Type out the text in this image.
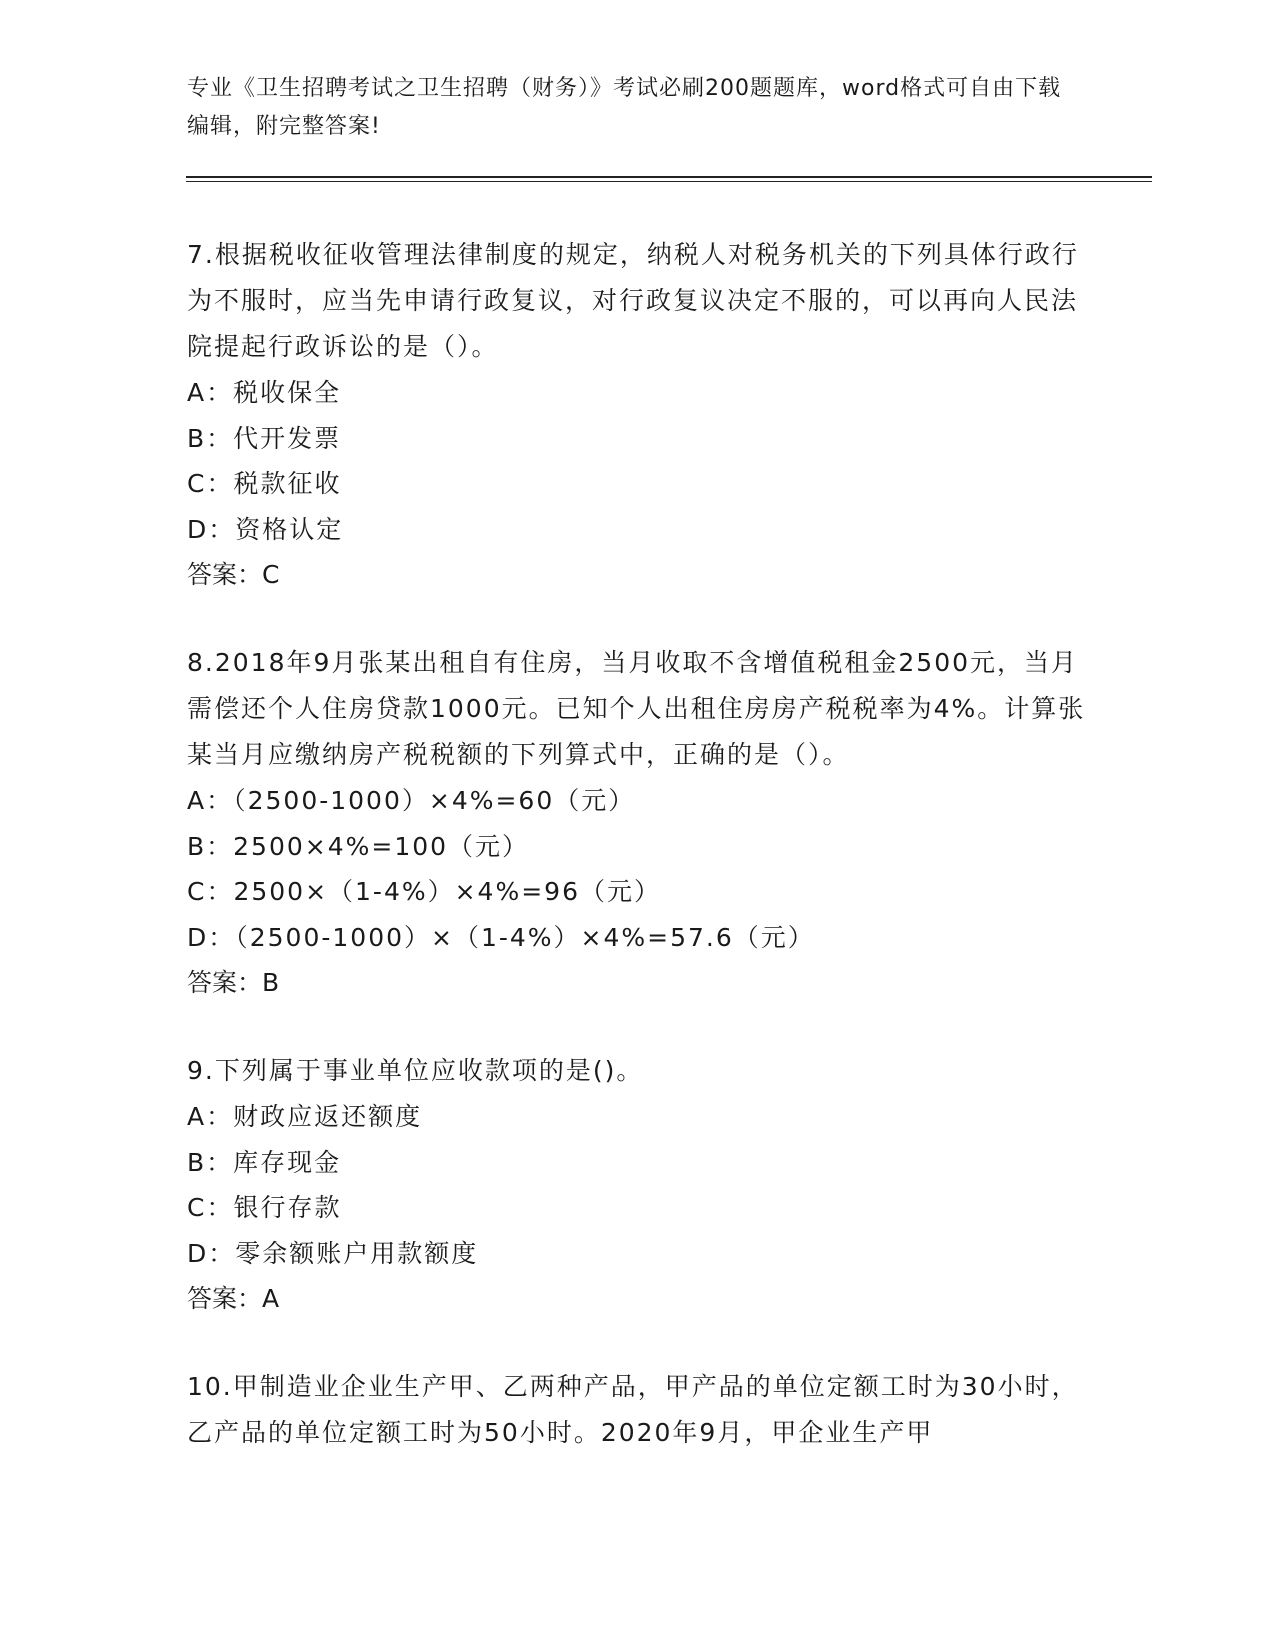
专业《卫生招聘考试之卫生招聘（财务）》考试必刷200题题库，word格式可自由下载编辑，附完整答案!
7.根据税收征收管理法律制度的规定，纳税人对税务机关的下列具体行政行为不服时，应当先申请行政复议，对行政复议决定不服的，可以再向人民法院提起行政诉讼的是（）。
A：税收保全
B：代开发票
C：税款征收
D：资格认定
答案：C
8.2018年9月张某出租自有住房，当月收取不含增值税租金2500元，当月需偿还个人住房贷款1000元。已知个人出租住房房产税税率为4%。计算张某当月应缴纳房产税税额的下列算式中，正确的是（）。
A：（2500-1000）×4%=60（元）
B：2500×4%=100（元）
C：2500×（1-4%）×4%=96（元）
D：（2500-1000）×（1-4%）×4%=57.6（元）
答案：B
9.下列属于事业单位应收款项的是()。
A：财政应返还额度
B：库存现金
C：银行存款
D：零余额账户用款额度
答案：A
10.甲制造业企业生产甲、乙两种产品，甲产品的单位定额工时为30小时，乙产品的单位定额工时为50小时。2020年9月，甲企业生产甲
